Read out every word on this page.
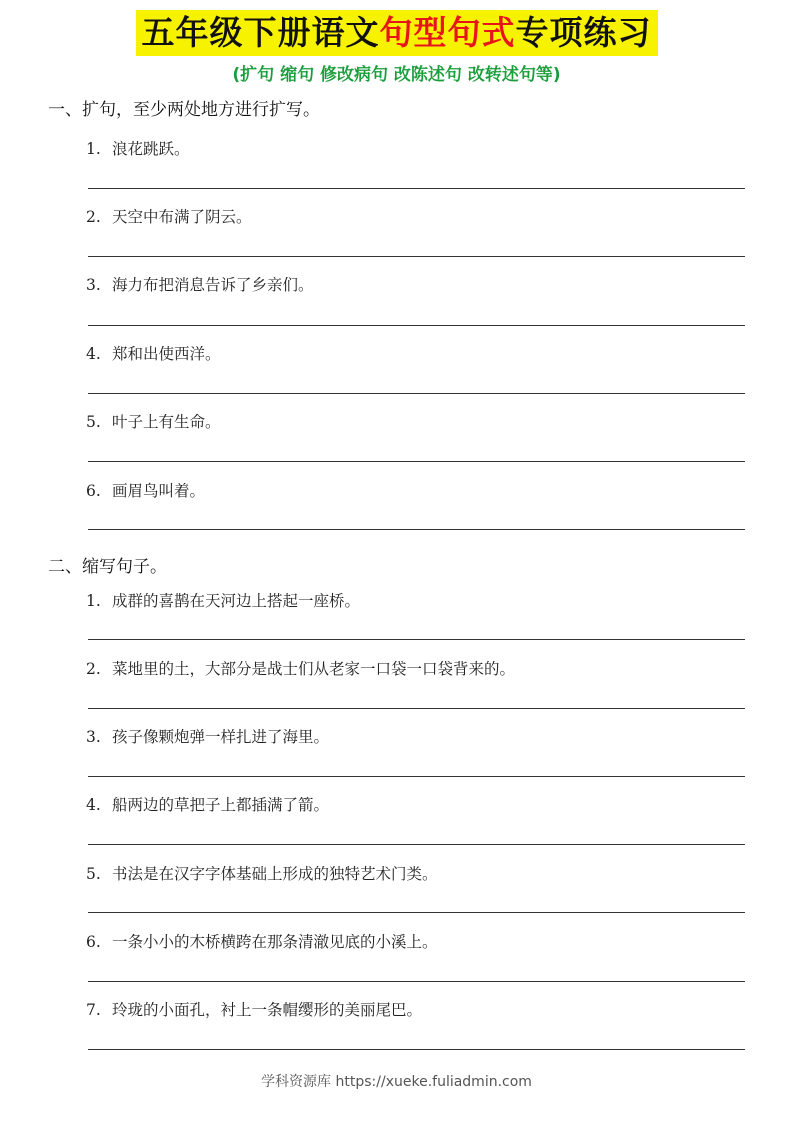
五年级下册语文句型句式专项练习
(扩句 缩句 修改病句 改陈述句 改转述句等)
一、扩句，至少两处地方进行扩写。
1. 浪花跳跃。
2. 天空中布满了阴云。
3. 海力布把消息告诉了乡亲们。
4. 郑和出使西洋。
5. 叶子上有生命。
6. 画眉鸟叫着。
二、缩写句子。
1. 成群的喜鹊在天河边上搭起一座桥。
2. 菜地里的土，大部分是战士们从老家一口袋一口袋背来的。
3. 孩子像颗炮弹一样扎进了海里。
4. 船两边的草把子上都插满了箭。
5. 书法是在汉字字体基础上形成的独特艺术门类。
6. 一条小小的木桥横跨在那条清澈见底的小溪上。
7. 玲珑的小面孔，衬上一条帽缨形的美丽尾巴。
学科资源库 https://xueke.fuliadmin.com
